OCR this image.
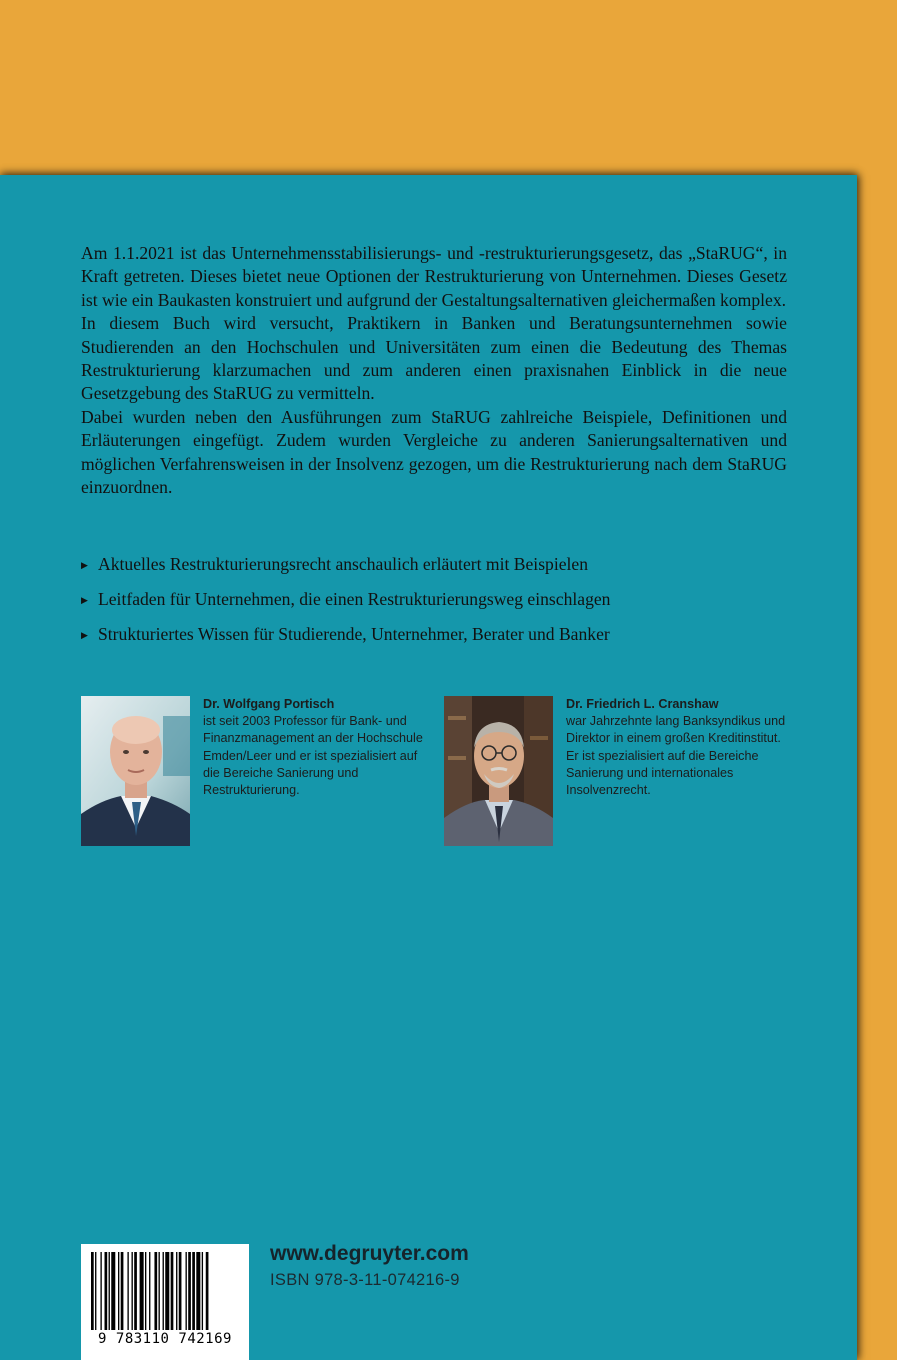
Am 1.1.2021 ist das Unternehmensstabilisierungs- und -restrukturierungsgesetz, das „StaRUG“, in Kraft getreten. Dieses bietet neue Optionen der Restrukturierung von Unternehmen. Dieses Gesetz ist wie ein Baukasten konstruiert und aufgrund der Gestaltungsalternativen gleichermaßen komplex.

In diesem Buch wird versucht, Praktikern in Banken und Beratungsunternehmen sowie Studierenden an den Hochschulen und Universitäten zum einen die Bedeutung des Themas Restrukturierung klarzumachen und zum anderen einen praxisnahen Einblick in die neue Gesetzgebung des StaRUG zu vermitteln.

Dabei wurden neben den Ausführungen zum StaRUG zahlreiche Beispiele, Definitionen und Erläuterungen eingefügt. Zudem wurden Vergleiche zu anderen Sanierungsalternativen und möglichen Verfahrensweisen in der Insolvenz gezogen, um die Restrukturierung nach dem StaRUG einzuordnen.

▶ Aktuelles Restrukturierungsrecht anschaulich erläutert mit Beispielen
▶ Leitfaden für Unternehmen, die einen Restrukturierungsweg einschlagen
▶ Strukturiertes Wissen für Studierende, Unternehmer, Berater und Banker
Dr. Wolfgang Portisch
ist seit 2003 Professor für Bank- und Finanzmanagement an der Hochschule Emden/Leer und er ist spezialisiert auf die Bereiche Sanierung und Restrukturierung.
Dr. Friedrich L. Cranshaw
war Jahrzehnte lang Banksyndikus und Direktor in einem großen Kreditinstitut. Er ist spezialisiert auf die Bereiche Sanierung und internationales Insolvenzrecht.
9 783110 742169
www.degruyter.com
ISBN 978-3-11-074216-9
